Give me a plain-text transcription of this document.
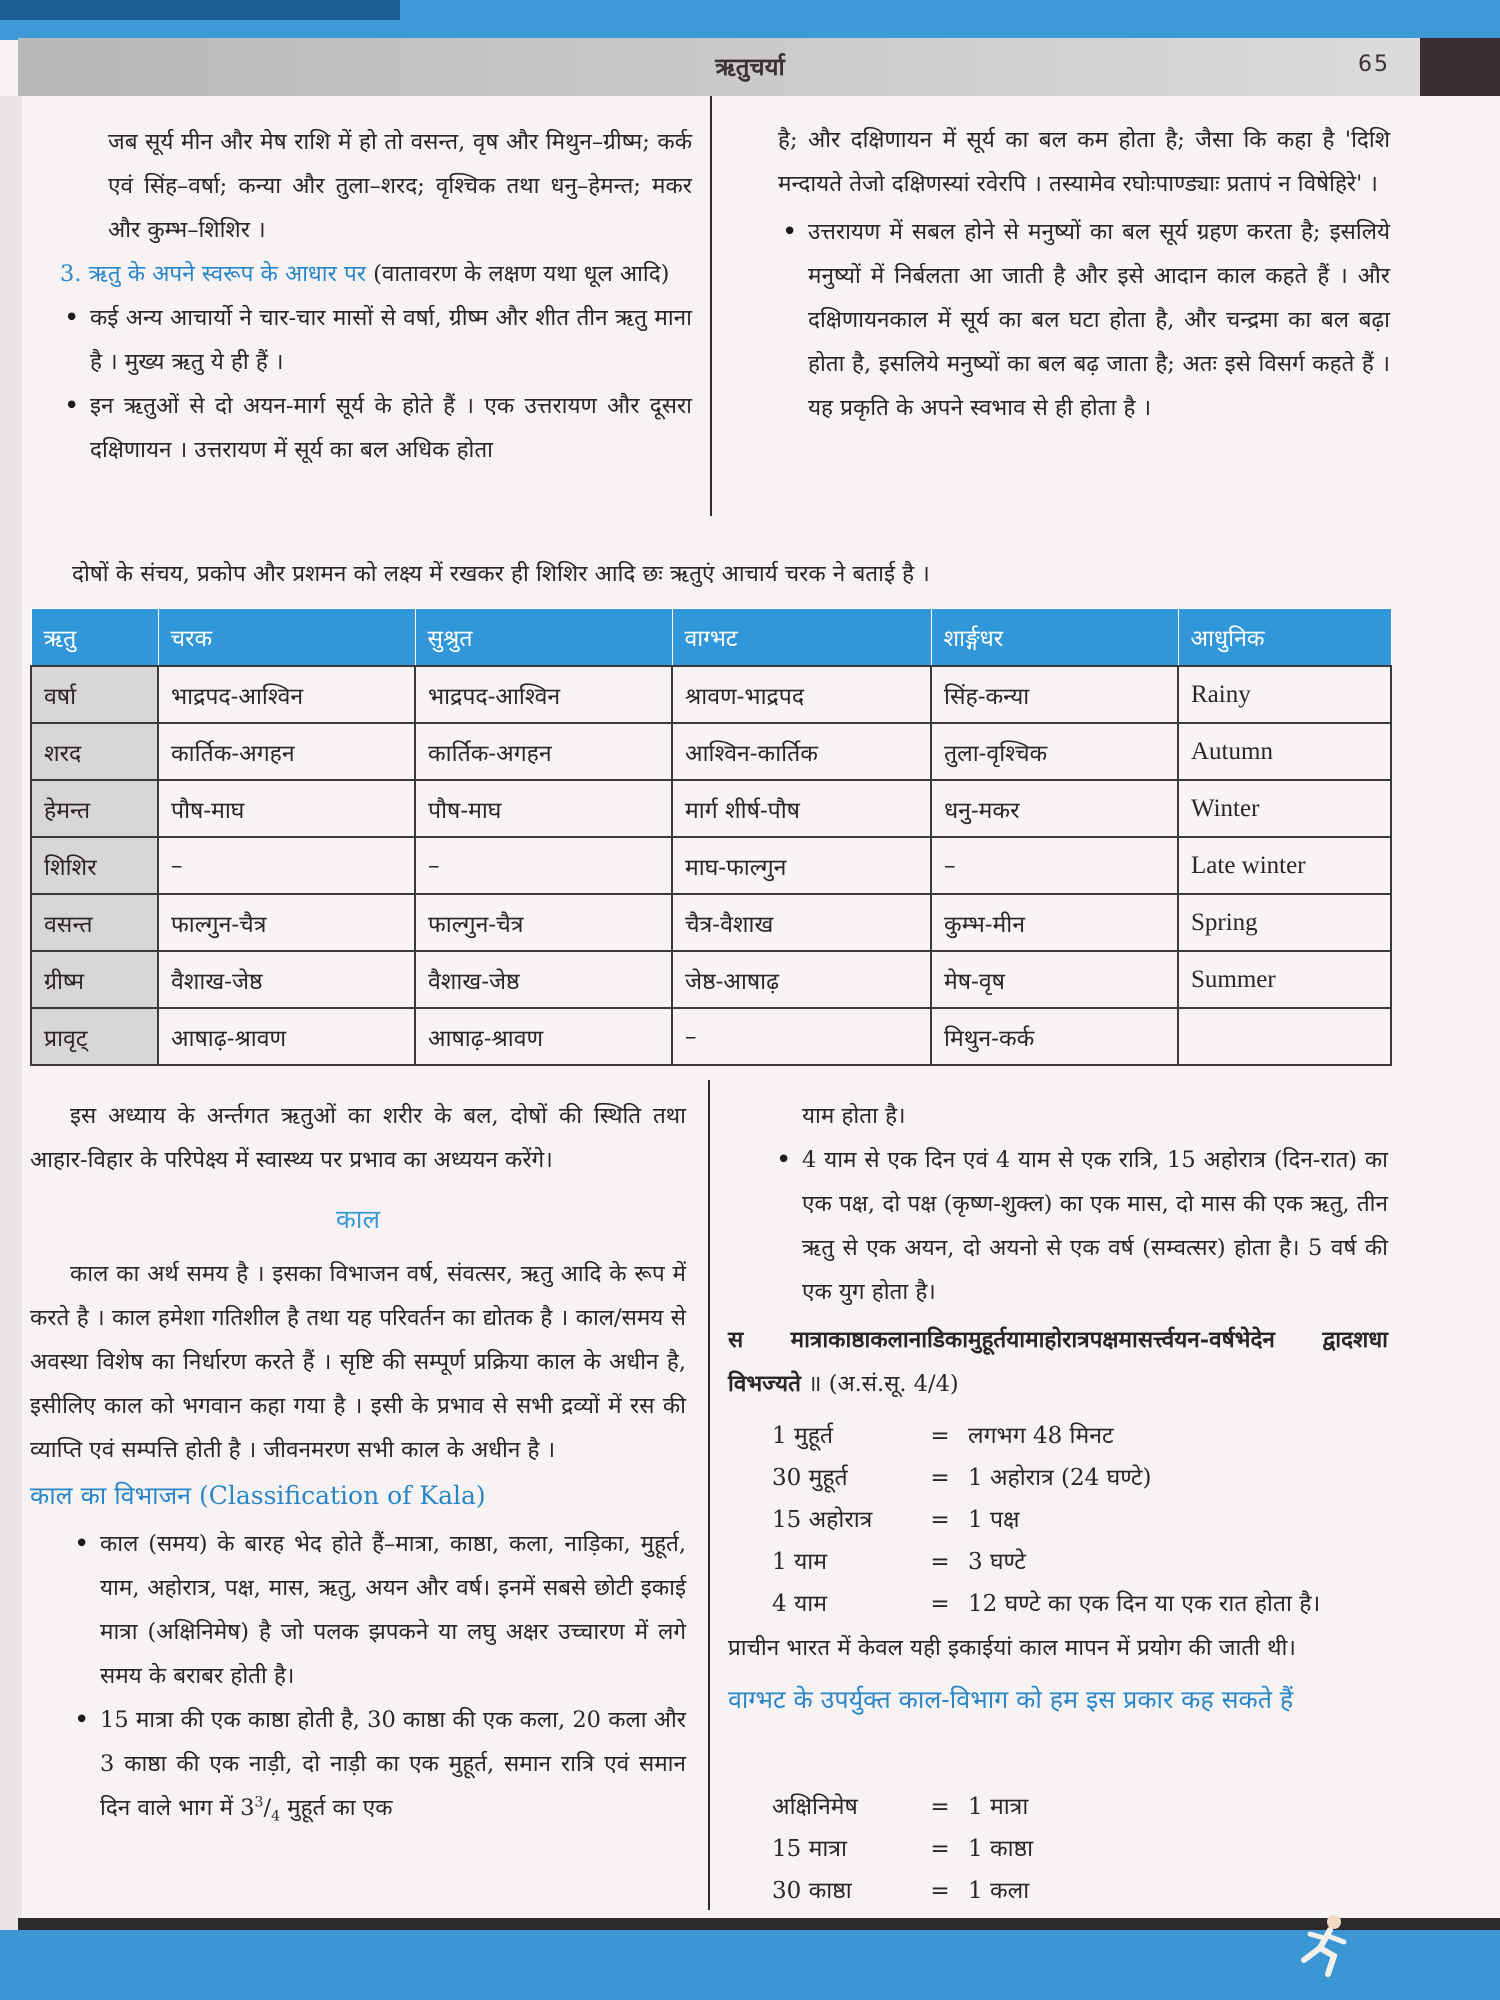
ऋतुचर्या	65

जब सूर्य मीन और मेष राशि में हो तो वसन्त, वृष और मिथुन–ग्रीष्म; कर्क एवं सिंह–वर्षा; कन्या और तुला–शरद; वृश्चिक तथा धनु–हेमन्त; मकर और कुम्भ–शिशिर ।

3. ऋतु के अपने स्वरूप के आधार पर (वातावरण के लक्षण यथा धूल आदि)

• कई अन्य आचार्यो ने चार-चार मासों से वर्षा, ग्रीष्म और शीत तीन ऋतु माना है । मुख्य ऋतु ये ही हैं ।

• इन ऋतुओं से दो अयन-मार्ग सूर्य के होते हैं । एक उत्तरायण और दूसरा दक्षिणायन । उत्तरायण में सूर्य का बल अधिक होता

है; और दक्षिणायन में सूर्य का बल कम होता है; जैसा कि कहा है 'दिशि मन्दायते तेजो दक्षिणस्यां रवेरपि । तस्यामेव रघोःपाण्ड्याः प्रतापं न विषेहिरे' ।

• उत्तरायण में सबल होने से मनुष्यों का बल सूर्य ग्रहण करता है; इसलिये मनुष्यों में निर्बलता आ जाती है और इसे आदान काल कहते हैं । और दक्षिणायनकाल में सूर्य का बल घटा होता है, और चन्द्रमा का बल बढ़ा होता है, इसलिये मनुष्यों का बल बढ़ जाता है; अतः इसे विसर्ग कहते हैं । यह प्रकृति के अपने स्वभाव से ही होता है ।

दोषों के संचय, प्रकोप और प्रशमन को लक्ष्य में रखकर ही शिशिर आदि छः ऋतुएं आचार्य चरक ने बताई है ।
ऋतु	चरक	सुश्रुत	वाग्भट	शार्ङ्गधर	आधुनिक
वर्षा	भाद्रपद-आश्विन	भाद्रपद-आश्विन	श्रावण-भाद्रपद	सिंह-कन्या	Rainy
शरद	कार्तिक-अगहन	कार्तिक-अगहन	आश्विन-कार्तिक	तुला-वृश्चिक	Autumn
हेमन्त	पौष-माघ	पौष-माघ	मार्ग शीर्ष-पौष	धनु-मकर	Winter
शिशिर	–	–	माघ-फाल्गुन	–	Late winter
वसन्त	फाल्गुन-चैत्र	फाल्गुन-चैत्र	चैत्र-वैशाख	कुम्भ-मीन	Spring
ग्रीष्म	वैशाख-जेष्ठ	वैशाख-जेष्ठ	जेष्ठ-आषाढ़	मेष-वृष	Summer
प्रावृट्	आषाढ़-श्रावण	आषाढ़-श्रावण	–	मिथुन-कर्क	

इस अध्याय के अर्न्तगत ऋतुओं का शरीर के बल, दोषों की स्थिति तथा आहार-विहार के परिपेक्ष्य में स्वास्थ्य पर प्रभाव का अध्ययन करेंगे।

काल

काल का अर्थ समय है । इसका विभाजन वर्ष, संवत्सर, ऋतु आदि के रूप में करते है । काल हमेशा गतिशील है तथा यह परिवर्तन का द्योतक है । काल/समय से अवस्था विशेष का निर्धारण करते हैं । सृष्टि की सम्पूर्ण प्रक्रिया काल के अधीन है, इसीलिए काल को भगवान कहा गया है । इसी के प्रभाव से सभी द्रव्यों में रस की व्याप्ति एवं सम्पत्ति होती है । जीवनमरण सभी काल के अधीन है ।

काल का विभाजन (Classification of Kala)

• काल (समय) के बारह भेद होते हैं–मात्रा, काष्ठा, कला, नाड़िका, मुहूर्त, याम, अहोरात्र, पक्ष, मास, ऋतु, अयन और वर्ष। इनमें सबसे छोटी इकाई मात्रा (अक्षिनिमेष) है जो पलक झपकने या लघु अक्षर उच्चारण में लगे समय के बराबर होती है।

• 15 मात्रा की एक काष्ठा होती है, 30 काष्ठा की एक कला, 20 कला और 3 काष्ठा की एक नाड़ी, दो नाड़ी का एक मुहूर्त, समान रात्रि एवं समान दिन वाले भाग में $3^3/_4$ मुहूर्त का एक

याम होता है।

• 4 याम से एक दिन एवं 4 याम से एक रात्रि, 15 अहोरात्र (दिन-रात) का एक पक्ष, दो पक्ष (कृष्ण-शुक्ल) का एक मास, दो मास की एक ऋतु, तीन ऋतु से एक अयन, दो अयनो से एक वर्ष (सम्वत्सर) होता है। 5 वर्ष की एक युग होता है।

स मात्राकाष्ठाकलानाडिकामुहूर्तयामाहोरात्रपक्षमासर्त्त्वयन-वर्षभेदेन द्वादशधा विभज्यते ॥ (अ.सं.सू. 4/4)

1 मुहूर्त	= लगभग 48 मिनट
30 मुहूर्त	= 1 अहोरात्र (24 घण्टे)
15 अहोरात्र	= 1 पक्ष
1 याम	= 3 घण्टे
4 याम	= 12 घण्टे का एक दिन या एक रात होता है।

प्राचीन भारत में केवल यही इकाईयां काल मापन में प्रयोग की जाती थी।

वाग्भट के उपर्युक्त काल-विभाग को हम इस प्रकार कह सकते हैं

अक्षिनिमेष	= 1 मात्रा
15 मात्रा	= 1 काष्ठा
30 काष्ठा	= 1 कला
